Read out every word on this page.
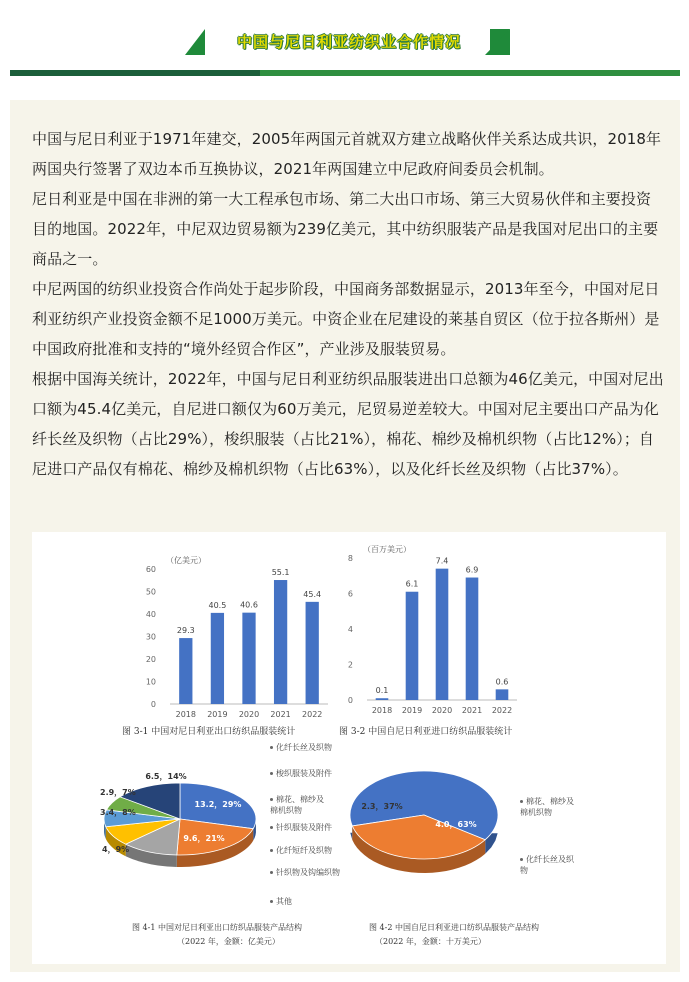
中国与尼日利亚纺织业合作情况

中国与尼日利亚于1971年建交，2005年两国元首就双方建立战略伙伴关系达成共识，2018年两国央行签署了双边本币互换协议，2021年两国建立中尼政府间委员会机制。

尼日利亚是中国在非洲的第一大工程承包市场、第二大出口市场、第三大贸易伙伴和主要投资目的地国。2022年，中尼双边贸易额为239亿美元，其中纺织服装产品是我国对尼出口的主要商品之一。

中尼两国的纺织业投资合作尚处于起步阶段，中国商务部数据显示，2013年至今，中国对尼日利亚纺织产业投资金额不足1000万美元。中资企业在尼建设的莱基自贸区（位于拉各斯州）是中国政府批准和支持的“境外经贸合作区”，产业涉及服装贸易。

根据中国海关统计，2022年，中国与尼日利亚纺织品服装进出口总额为46亿美元，中国对尼出口额为45.4亿美元，自尼进口额仅为60万美元，尼贸易逆差较大。中国对尼主要出口产品为化纤长丝及织物（占比29%），梭织服装（占比21%），棉花、棉纱及棉机织物（占比12%）；自尼进口产品仅有棉花、棉纱及棉机织物（占比63%），以及化纤长丝及织物（占比37%）。

（亿美元）
0
10
20
30
40
50
60
29.3
2018
40.5
2019
40.6
2020
55.1
2021
45.4
2022
（百万美元）
0
2
4
6
8
0.1
2018
6.1
2019
7.4
2020
6.9
2021
0.6
2022
图 3-1 中国对尼日利亚出口纺织品服装统计	图 3-2 中国自尼日利亚进口纺织品服装统计
13.2，29%
9.6，21%
4，9%
3.4，8%
2.9，7%
6.5，14%
化纤长丝及织物
梭织服装及附件
棉花、棉纱及棉机织物
针织服装及附件
化纤短纤及织物
针织物及钩编织物
其他
4.0，63%
2.3，37%
棉花、棉纱及棉机织物
化纤长丝及织物
图 4-1 中国对尼日利亚出口纺织品服装产品结构
（2022 年，金额：亿美元）
图 4-2 中国自尼日利亚进口纺织品服装产品结构
（2022 年，金额：十万美元）
